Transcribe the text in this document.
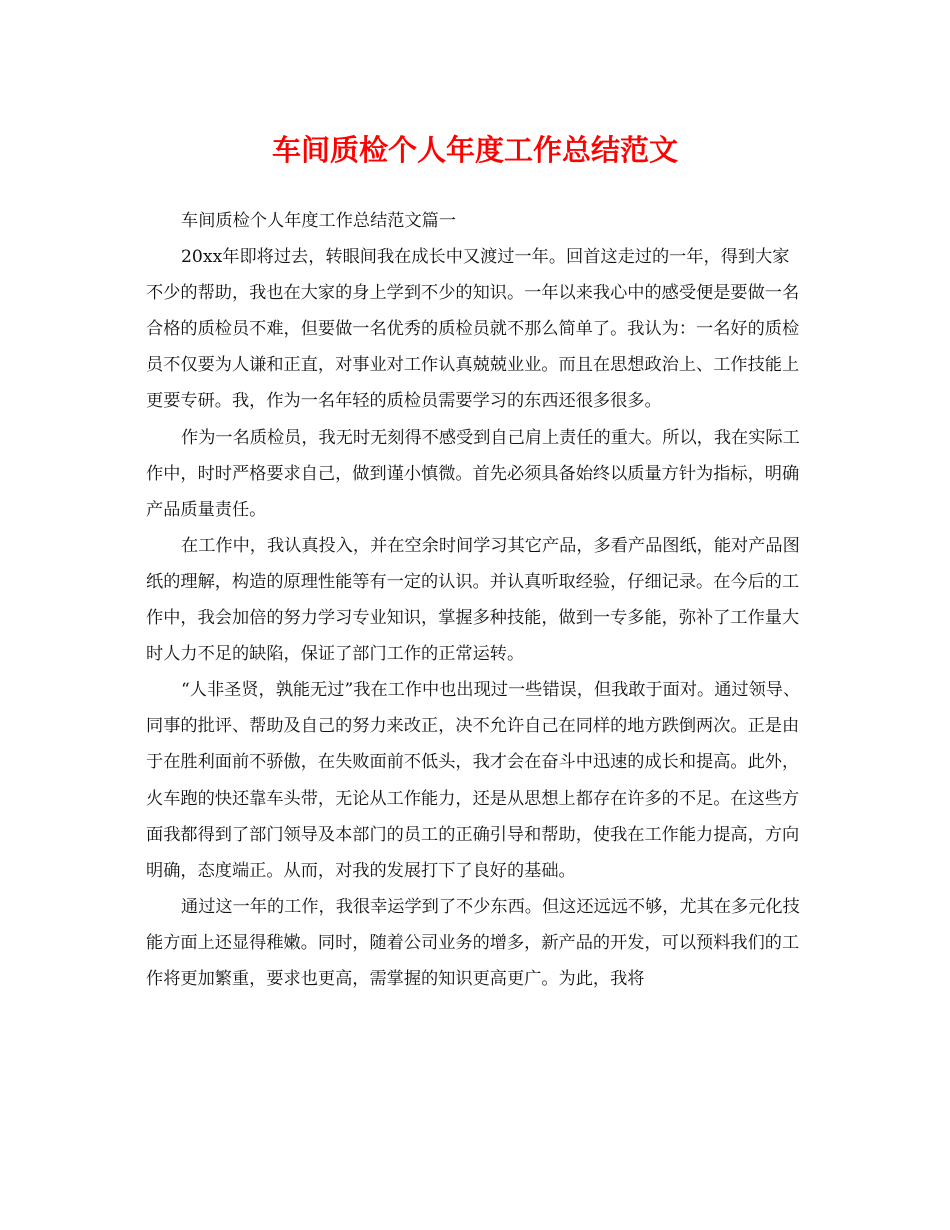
车间质检个人年度工作总结范文

车间质检个人年度工作总结范文篇一

20xx年即将过去，转眼间我在成长中又渡过一年。回首这走过的一年，得到大家不少的帮助，我也在大家的身上学到不少的知识。一年以来我心中的感受便是要做一名合格的质检员不难，但要做一名优秀的质检员就不那么简单了。我认为：一名好的质检员不仅要为人谦和正直，对事业对工作认真兢兢业业。而且在思想政治上、工作技能上更要专研。我，作为一名年轻的质检员需要学习的东西还很多很多。

作为一名质检员，我无时无刻得不感受到自己肩上责任的重大。所以，我在实际工作中，时时严格要求自己，做到谨小慎微。首先必须具备始终以质量方针为指标，明确产品质量责任。

在工作中，我认真投入，并在空余时间学习其它产品，多看产品图纸，能对产品图纸的理解，构造的原理性能等有一定的认识。并认真听取经验，仔细记录。在今后的工作中，我会加倍的努力学习专业知识，掌握多种技能，做到一专多能，弥补了工作量大时人力不足的缺陷，保证了部门工作的正常运转。

“人非圣贤，孰能无过”我在工作中也出现过一些错误，但我敢于面对。通过领导、同事的批评、帮助及自己的努力来改正，决不允许自己在同样的地方跌倒两次。正是由于在胜利面前不骄傲，在失败面前不低头，我才会在奋斗中迅速的成长和提高。此外，火车跑的快还靠车头带，无论从工作能力，还是从思想上都存在许多的不足。在这些方面我都得到了部门领导及本部门的员工的正确引导和帮助，使我在工作能力提高，方向明确，态度端正。从而，对我的发展打下了良好的基础。

通过这一年的工作，我很幸运学到了不少东西。但这还远远不够，尤其在多元化技能方面上还显得稚嫩。同时，随着公司业务的增多，新产品的开发，可以预料我们的工作将更加繁重，要求也更高，需掌握的知识更高更广。为此，我将
